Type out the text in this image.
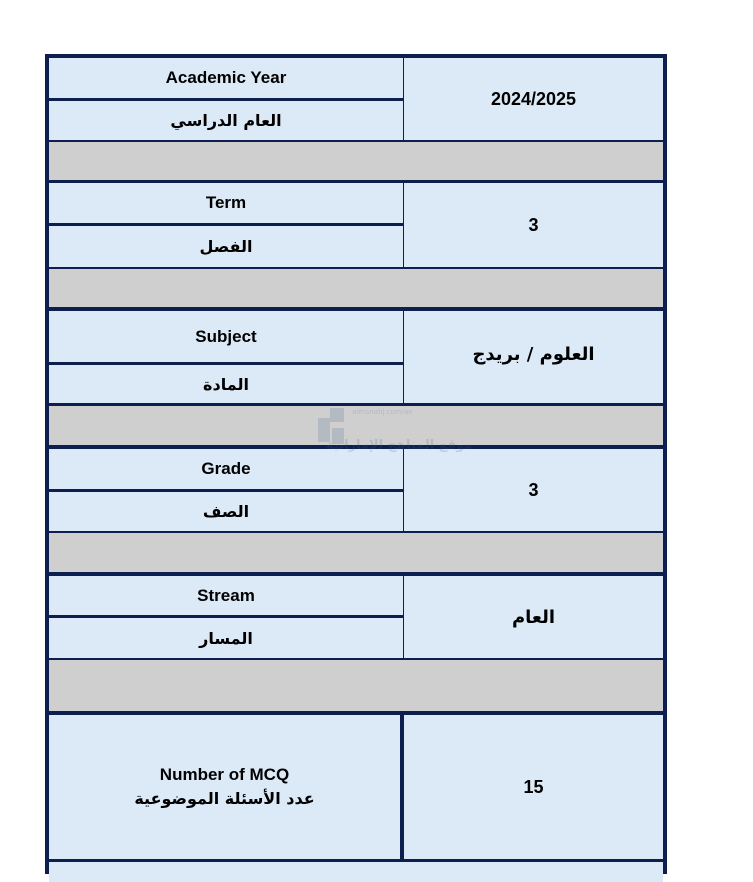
Academic Year
العام الدراسي
2024/2025
Term
الفصل
3
Subject
المادة
العلوم / بريدج
Grade
الصف
3
Stream
المسار
العام
Number of MCQ
عدد الأسئلة الموضوعية
15
